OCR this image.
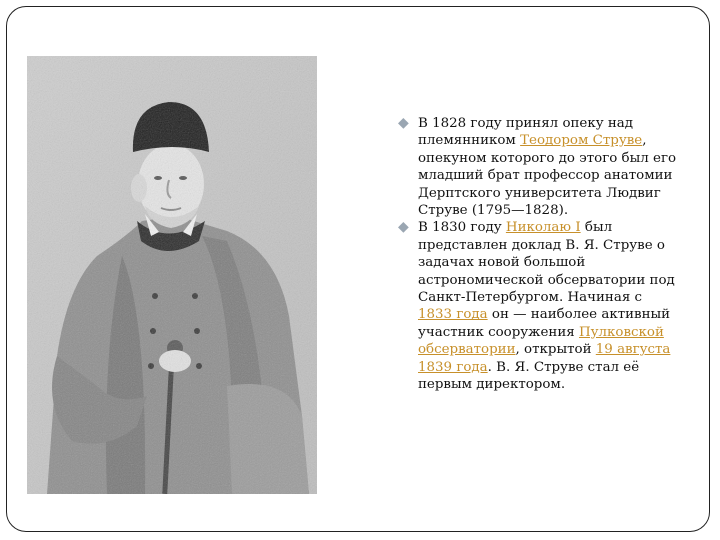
◆ В 1828 году принял опеку над племянником Теодором Струве, опекуном которого до этого был его младший брат профессор анатомии Дерптского университета Людвиг Струве (1795—1828).
◆ В 1830 году Николаю I был представлен доклад В. Я. Струве о задачах новой большой астрономической обсерватории под Санкт-Петербургом. Начиная с 1833 года он — наиболее активный участник сооружения Пулковской обсерватории, открытой 19 августа 1839 года. В. Я. Струве стал её первым директором.
